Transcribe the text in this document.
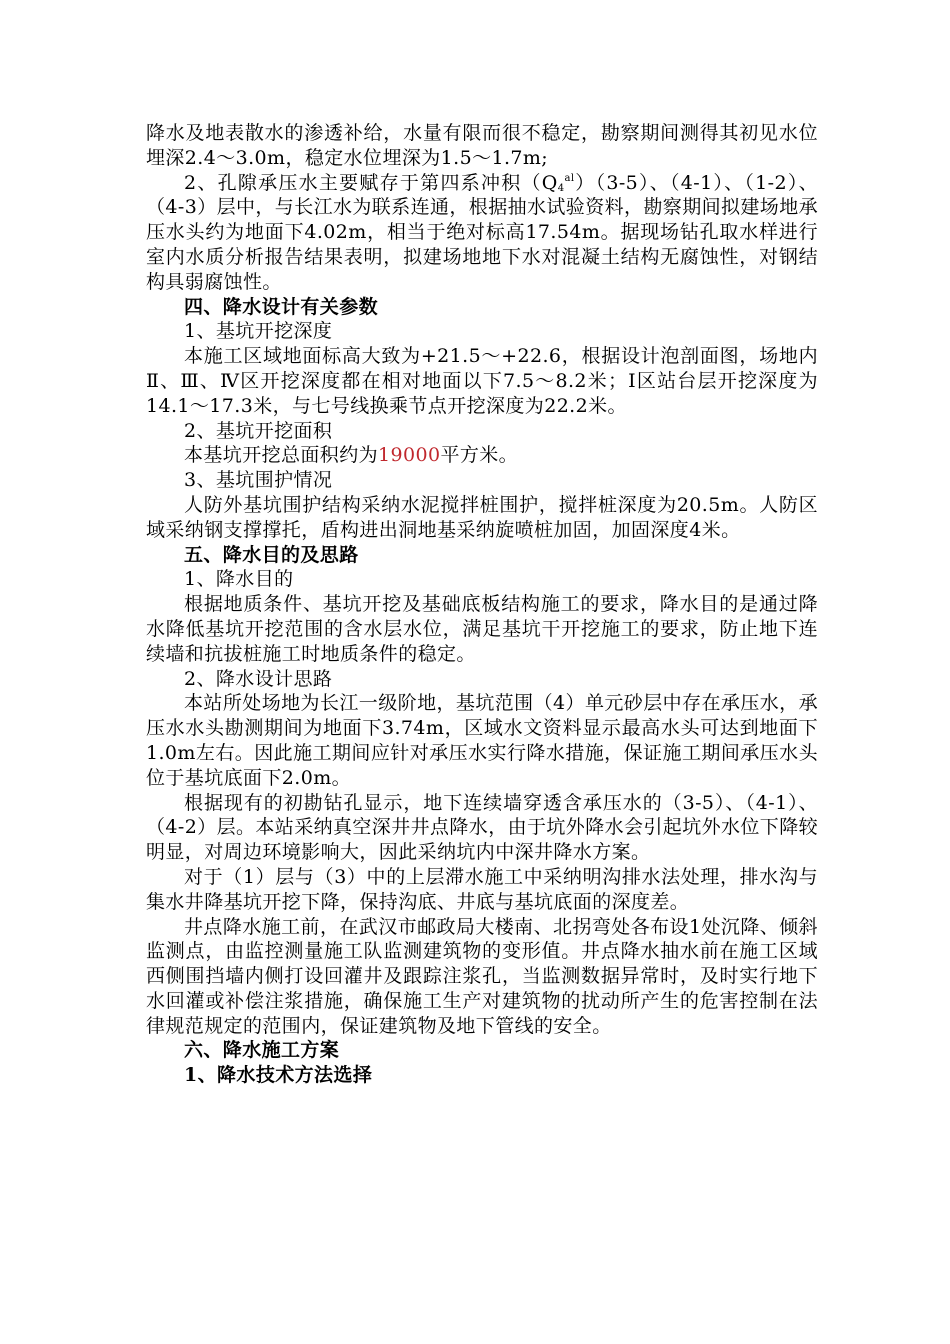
降水及地表散水的渗透补给，水量有限而很不稳定，勘察期间测得其初见水位埋深2.4～3.0m，稳定水位埋深为1.5～1.7m;

2、孔隙承压水主要赋存于第四系冲积$(Q_4^{al})(3-5)$、（4-1）、（1-2）、（4-3）层中，与长江水为联系连通，根据抽水试验资料，勘察期间拟建场地承压水头约为地面下4.02m，相当于绝对标高17.54m。据现场钻孔取水样进行室内水质分析报告结果表明，拟建场地地下水对混凝土结构无腐蚀性，对钢结构具弱腐蚀性。

四、降水设计有关参数

1、基坑开挖深度

本施工区域地面标高大致为+21.5～+22.6，根据设计泡剖面图，场地内Ⅱ、Ⅲ、Ⅳ区开挖深度都在相对地面以下7.5～8.2米；Ⅰ区站台层开挖深度为14.1～17.3米，与七号线换乘节点开挖深度为22.2米。

2、基坑开挖面积

本基坑开挖总面积约为19000平方米。

3、基坑围护情况

人防外基坑围护结构采纳水泥搅拌桩围护，搅拌桩深度为20.5m。人防区域采纳钢支撑撑托，盾构进出洞地基采纳旋喷桩加固，加固深度4米。

五、降水目的及思路

1、降水目的

根据地质条件、基坑开挖及基础底板结构施工的要求，降水目的是通过降水降低基坑开挖范围的含水层水位，满足基坑干开挖施工的要求，防止地下连续墙和抗拔桩施工时地质条件的稳定。

2、降水设计思路

本站所处场地为长江一级阶地，基坑范围（4）单元砂层中存在承压水，承压水水头勘测期间为地面下3.74m，区域水文资料显示最高水头可达到地面下1.0m左右。因此施工期间应针对承压水实行降水措施，保证施工期间承压水头位于基坑底面下2.0m。

根据现有的初勘钻孔显示，地下连续墙穿透含承压水的（3-5）、（4-1）、（4-2）层。本站采纳真空深井井点降水，由于坑外降水会引起坑外水位下降较明显，对周边环境影响大，因此采纳坑内中深井降水方案。

对于（1）层与（3）中的上层滞水施工中采纳明沟排水法处理，排水沟与集水井降基坑开挖下降，保持沟底、井底与基坑底面的深度差。

井点降水施工前，在武汉市邮政局大楼南、北拐弯处各布设1处沉降、倾斜监测点，由监控测量施工队监测建筑物的变形值。井点降水抽水前在施工区域西侧围挡墙内侧打设回灌井及跟踪注浆孔，当监测数据异常时，及时实行地下水回灌或补偿注浆措施，确保施工生产对建筑物的扰动所产生的危害控制在法律规范规定的范围内，保证建筑物及地下管线的安全。

六、降水施工方案

1、降水技术方法选择
